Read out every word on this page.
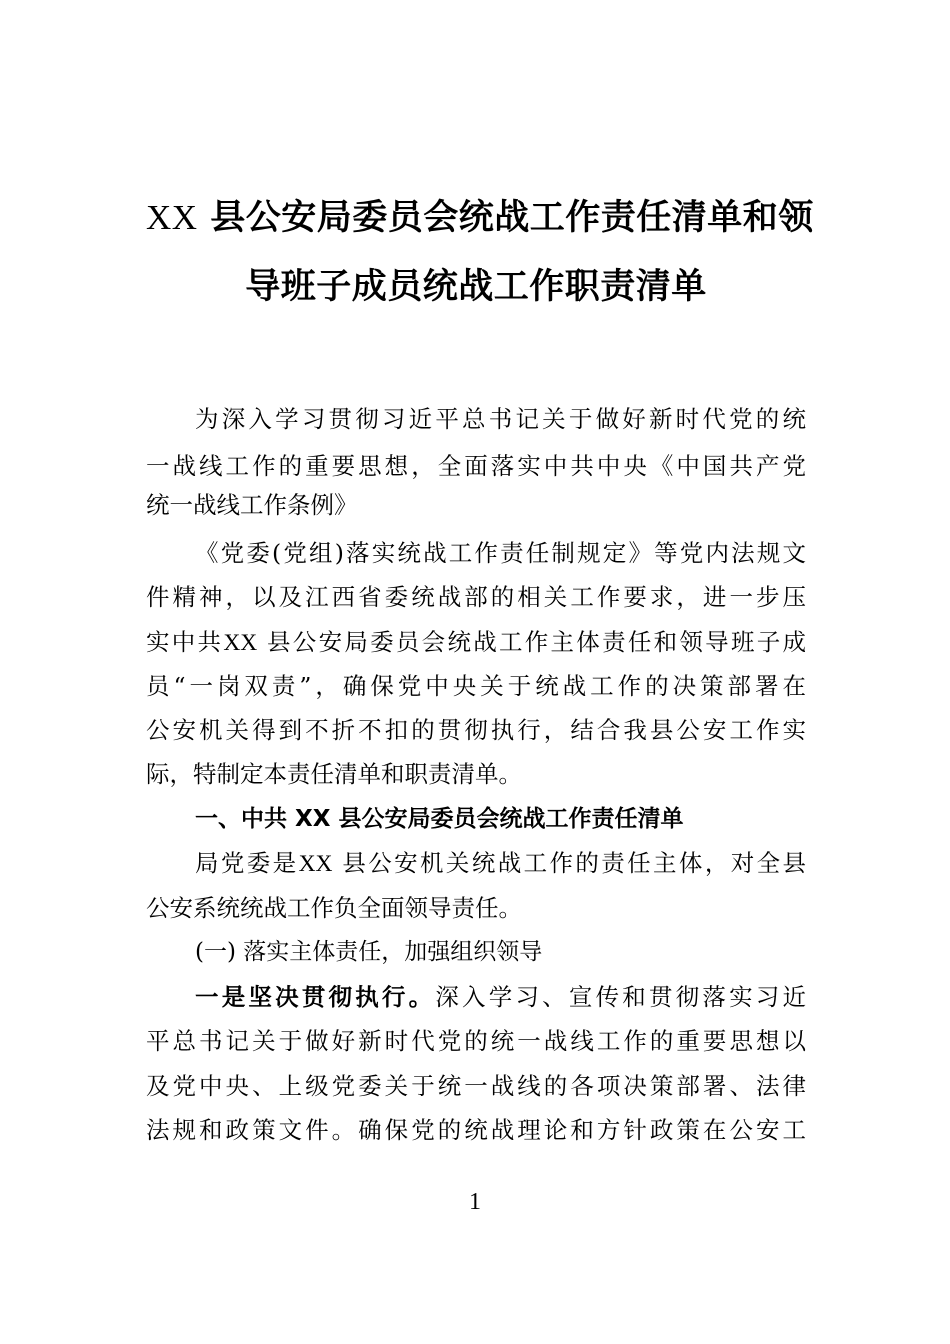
XX 县公安局委员会统战工作责任清单和领
导班子成员统战工作职责清单
为深入学习贯彻习近平总书记关于做好新时代党的统
一战线工作的重要思想，全面落实中共中央《中国共产党
统一战线工作条例》
《党委(党组)落实统战工作责任制规定》等党内法规文
件精神，以及江西省委统战部的相关工作要求，进一步压
实中共XX 县公安局委员会统战工作主体责任和领导班子成
员“一岗双责”，确保党中央关于统战工作的决策部署在
公安机关得到不折不扣的贯彻执行，结合我县公安工作实
际，特制定本责任清单和职责清单。
一、中共 XX 县公安局委员会统战工作责任清单
局党委是XX 县公安机关统战工作的责任主体，对全县
公安系统统战工作负全面领导责任。
(一) 落实主体责任，加强组织领导
一是坚决贯彻执行。深入学习、宣传和贯彻落实习近
平总书记关于做好新时代党的统一战线工作的重要思想以
及党中央、上级党委关于统一战线的各项决策部署、法律
法规和政策文件。确保党的统战理论和方针政策在公安工
1
